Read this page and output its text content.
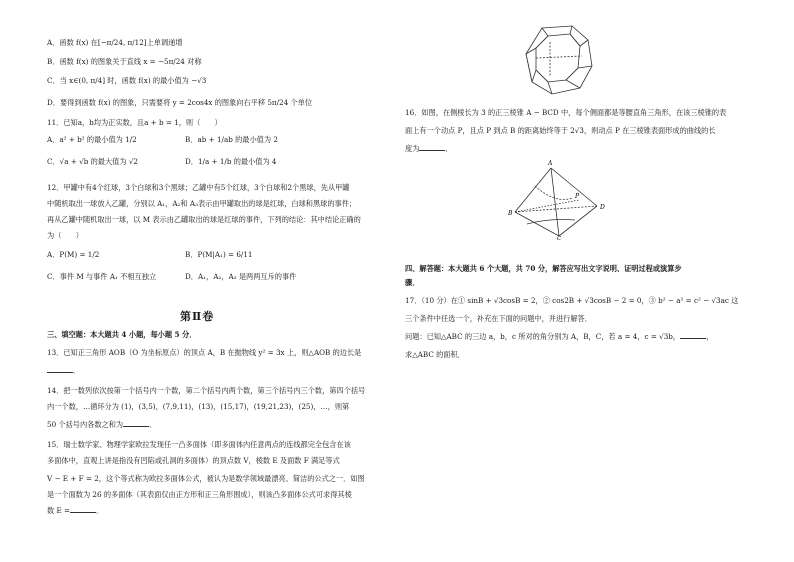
A．函数 f(x) 在[−π/24, π/12]上单调递增
B．函数 f(x) 的图象关于直线 x = −5π/24 对称
C．当 x∈(0, π/4] 时，函数 f(x) 的最小值为 −√3
D．要得到函数 f(x) 的图象，只需要将 y = 2cos4x 的图象向右平移 5π/24 个单位
11．已知a，b均为正实数，且a + b = 1，则（　　）
A．a² + b² 的最小值为 1/2	B．ab + 1/ab 的最小值为 2
C．√a + √b 的最大值为 √2	D．1/a + 1/b 的最小值为 4
12．甲罐中有4个红球，3个白球和3个黑球；乙罐中有5个红球，3个白球和2个黑球，先从甲罐
中随机取出一球放入乙罐，分别以 A₁，A₂和 A₃表示由甲罐取出的球是红球，白球和黑球的事件；
再从乙罐中随机取出一球，以 M 表示由乙罐取出的球是红球的事件，下列的结论：其中结论正确的
为（　　）
A．P(M) = 1/2	B．P(M|A₁) = 6/11
C．事件 M 与事件 A₁ 不相互独立	D．A₁，A₂，A₃ 是两两互斥的事件
第Ⅱ卷
三、填空题：本大题共 4 小题，每小题 5 分．
13．已知正三角形 AOB（O 为坐标原点）的顶点 A，B 在抛物线 y² = 3x 上，则△AOB 的边长是
．
14．把一数列依次按第一个括号内一个数，第二个括号内两个数，第三个括号内三个数，第四个括号
内一个数，…循环分为 (1)，(3,5)，(7,9,11)，(13)，(15,17)，(19,21,23)，(25)，…，则第
50 个括号内各数之和为	．
15．瑞士数学家、物理学家欧拉发现任一凸多面体（即多面体内任意两点的连线都完全包含在该
多面体中，直观上讲是指没有凹陷或孔洞的多面体）的顶点数 V，棱数 E 及面数 F 满足等式
V − E + F = 2，这个等式称为欧拉多面体公式，被认为是数学领域最漂亮、简洁的公式之一．如图
是一个面数为 26 的多面体（其表面仅由正方形和正三角形围成），则该凸多面体公式可求得其棱
数 E =	．
16．如图，在侧棱长为 3 的正三棱锥 A − BCD 中，每个侧面都是等腰直角三角形，在该三棱锥的表
面上有一个动点 P，且点 P 到点 B 的距离始终等于 2√3，则动点 P 在三棱锥表面形成的曲线的长
度为	．
四、解答题：本大题共 6 个大题，共 70 分，解答应写出文字说明、证明过程或演算步
骤．
17．（10 分）在① sinB + √3cosB = 2，② cos2B + √3cosB − 2 = 0，③ b² − a² = c² − √3ac 这
三个条件中任选一个，补充在下面的问题中，并进行解答．
问题：已知△ABC 的三边 a，b，c 所对的角分别为 A，B，C，若 a = 4，c = √3b，	，
求△ABC 的面积．
A
B
C
D
P
